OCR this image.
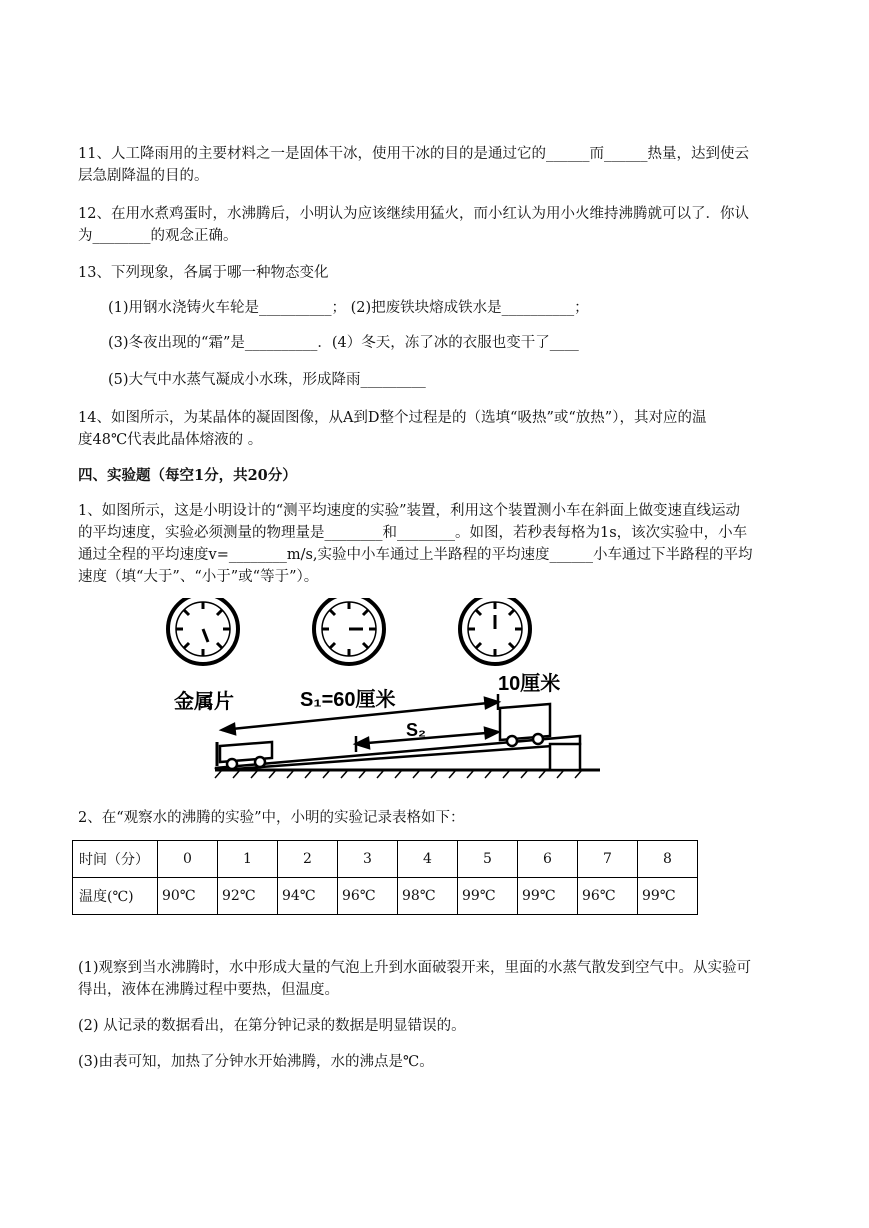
11、人工降雨用的主要材料之一是固体干冰，使用干冰的目的是通过它的______而______热量，达到使云
层急剧降温的目的。
12、在用水煮鸡蛋时，水沸腾后，小明认为应该继续用猛火，而小红认为用小火维持沸腾就可以了．你认
为________的观念正确。
13、下列现象，各属于哪一种物态变化
(1)用钢水浇铸火车轮是__________； (2)把废铁块熔成铁水是__________；
(3)冬夜出现的“霜”是__________．(4）冬天，冻了冰的衣服也变干了____
(5)大气中水蒸气凝成小水珠，形成降雨_________
14、如图所示，为某晶体的凝固图像，从A到D整个过程是的（选填“吸热”或“放热”），其对应的温
度48℃代表此晶体熔液的 。
四、实验题（每空1分，共20分）
1、如图所示，这是小明设计的“测平均速度的实验”装置，利用这个装置测小车在斜面上做变速直线运动
的平均速度，实验必须测量的物理量是________和________。如图，若秒表每格为1s，该次实验中，小车
通过全程的平均速度v=________m/s,实验中小车通过上半路程的平均速度______小车通过下半路程的平均
速度（填“大于”、“小于”或“等于”）。
S₁=60厘米
S₂
金属片
10厘米
2、在“观察水的沸腾的实验”中，小明的实验记录表格如下：
时间（分）	0	1	2	3	4	5	6	7	8
温度(℃)	90℃	92℃	94℃	96℃	98℃	99℃	99℃	96℃	99℃
(1)观察到当水沸腾时，水中形成大量的气泡上升到水面破裂开来，里面的水蒸气散发到空气中。从实验可
得出，液体在沸腾过程中要热，但温度。
(2) 从记录的数据看出，在第分钟记录的数据是明显错误的。
(3)由表可知，加热了分钟水开始沸腾，水的沸点是℃。
